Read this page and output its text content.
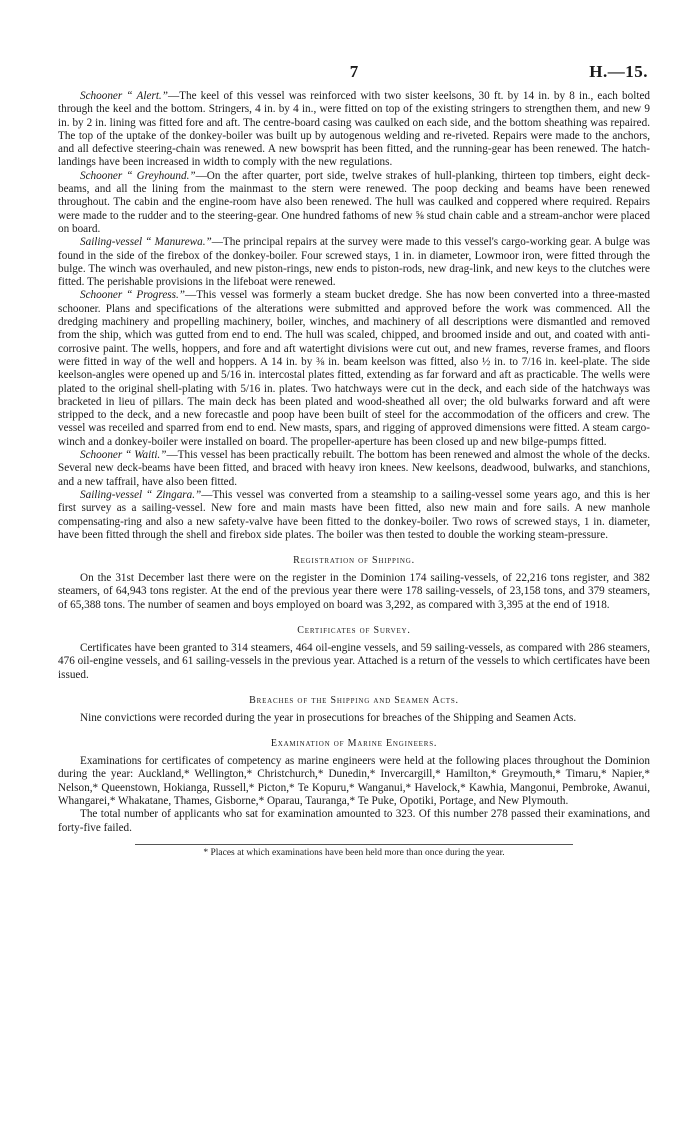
7	H.—15.

Schooner “ Alert.”—The keel of this vessel was reinforced with two sister keelsons, 30 ft. by 14 in. by 8 in., each bolted through the keel and the bottom. Stringers, 4 in. by 4 in., were fitted on top of the existing stringers to strengthen them, and new 9 in. by 2 in. lining was fitted fore and aft. The centre-board casing was caulked on each side, and the bottom sheathing was repaired. The top of the uptake of the donkey-boiler was built up by autogenous welding and re-riveted. Repairs were made to the anchors, and all defective steering-chain was renewed. A new bowsprit has been fitted, and the running-gear has been renewed. The hatch-landings have been increased in width to comply with the new regulations.

Schooner “ Greyhound.”—On the after quarter, port side, twelve strakes of hull-planking, thirteen top timbers, eight deck-beams, and all the lining from the mainmast to the stern were renewed. The poop decking and beams have been renewed throughout. The cabin and the engine-room have also been renewed. The hull was caulked and coppered where required. Repairs were made to the rudder and to the steering-gear. One hundred fathoms of new ⅝ stud chain cable and a stream-anchor were placed on board.

Sailing-vessel “ Manurewa.”—The principal repairs at the survey were made to this vessel's cargo-working gear. A bulge was found in the side of the firebox of the donkey-boiler. Four screwed stays, 1 in. in diameter, Lowmoor iron, were fitted through the bulge. The winch was overhauled, and new piston-rings, new ends to piston-rods, new drag-link, and new keys to the clutches were fitted. The perishable provisions in the lifeboat were renewed.

Schooner “ Progress.”—This vessel was formerly a steam bucket dredge. She has now been converted into a three-masted schooner. Plans and specifications of the alterations were submitted and approved before the work was commenced. All the dredging machinery and propelling machinery, boiler, winches, and machinery of all descriptions were dismantled and removed from the ship, which was gutted from end to end. The hull was scaled, chipped, and broomed inside and out, and coated with anti-corrosive paint. The wells, hoppers, and fore and aft watertight divisions were cut out, and new frames, reverse frames, and floors were fitted in way of the well and hoppers. A 14 in. by ⅜ in. beam keelson was fitted, also ½ in. to 7/16 in. keel-plate. The side keelson-angles were opened up and 5/16 in. intercostal plates fitted, extending as far forward and aft as practicable. The wells were plated to the original shell-plating with 5/16 in. plates. Two hatchways were cut in the deck, and each side of the hatchways was bracketed in lieu of pillars. The main deck has been plated and wood-sheathed all over; the old bulwarks forward and aft were stripped to the deck, and a new forecastle and poop have been built of steel for the accommodation of the officers and crew. The vessel was receiled and sparred from end to end. New masts, spars, and rigging of approved dimensions were fitted. A steam cargo-winch and a donkey-boiler were installed on board. The propeller-aperture has been closed up and new bilge-pumps fitted.

Schooner “ Waiti.”—This vessel has been practically rebuilt. The bottom has been renewed and almost the whole of the decks. Several new deck-beams have been fitted, and braced with heavy iron knees. New keelsons, deadwood, bulwarks, and stanchions, and a new taffrail, have also been fitted.

Sailing-vessel “ Zingara.”—This vessel was converted from a steamship to a sailing-vessel some years ago, and this is her first survey as a sailing-vessel. New fore and main masts have been fitted, also new main and fore sails. A new manhole compensating-ring and also a new safety-valve have been fitted to the donkey-boiler. Two rows of screwed stays, 1 in. diameter, have been fitted through the shell and firebox side plates. The boiler was then tested to double the working steam-pressure.

Registration of Shipping.

On the 31st December last there were on the register in the Dominion 174 sailing-vessels, of 22,216 tons register, and 382 steamers, of 64,943 tons register. At the end of the previous year there were 178 sailing-vessels, of 23,158 tons, and 379 steamers, of 65,388 tons. The number of seamen and boys employed on board was 3,292, as compared with 3,395 at the end of 1918.

Certificates of Survey.

Certificates have been granted to 314 steamers, 464 oil-engine vessels, and 59 sailing-vessels, as compared with 286 steamers, 476 oil-engine vessels, and 61 sailing-vessels in the previous year. Attached is a return of the vessels to which certificates have been issued.

Breaches of the Shipping and Seamen Acts.

Nine convictions were recorded during the year in prosecutions for breaches of the Shipping and Seamen Acts.

Examination of Marine Engineers.

Examinations for certificates of competency as marine engineers were held at the following places throughout the Dominion during the year: Auckland,* Wellington,* Christchurch,* Dunedin,* Invercargill,* Hamilton,* Greymouth,* Timaru,* Napier,* Nelson,* Queenstown, Hokianga, Russell,* Picton,* Te Kopuru,* Wanganui,* Havelock,* Kawhia, Mangonui, Pembroke, Awanui, Whangarei,* Whakatane, Thames, Gisborne,* Oparau, Tauranga,* Te Puke, Opotiki, Portage, and New Plymouth.

The total number of applicants who sat for examination amounted to 323. Of this number 278 passed their examinations, and forty-five failed.

* Places at which examinations have been held more than once during the year.
